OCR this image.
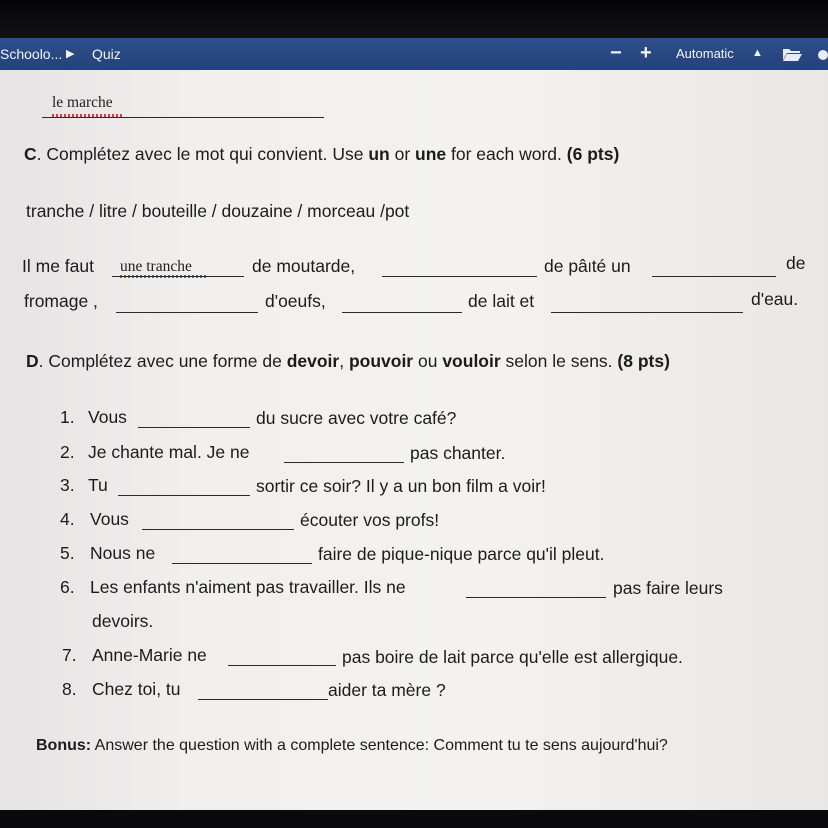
Schoolo... ▶ Quiz	− + Automatic ▲

le marche
C. Complétez avec le mot qui convient. Use un or une for each word. (6 pts)
tranche / litre / bouteille / douzaine / morceau /pot
Il me faut une tranche	de moutarde,	de pâIté un	de
fromage ,	d'oeufs,	de lait et	d'eau.
D. Complétez avec une forme de devoir, pouvoir ou vouloir selon le sens. (8 pts)
1. Vous	du sucre avec votre café?
2. Je chante mal. Je ne	pas chanter.
3. Tu	sortir ce soir? Il y a un bon film a voir!
4. Vous	écouter vos profs!
5. Nous ne	faire de pique-nique parce qu'il pleut.
6. Les enfants n'aiment pas travailler. Ils ne	pas faire leurs
devoirs.
7. Anne-Marie ne	pas boire de lait parce qu'elle est allergique.
8. Chez toi, tu	aider ta mère ?
Bonus: Answer the question with a complete sentence: Comment tu te sens aujourd'hui?
